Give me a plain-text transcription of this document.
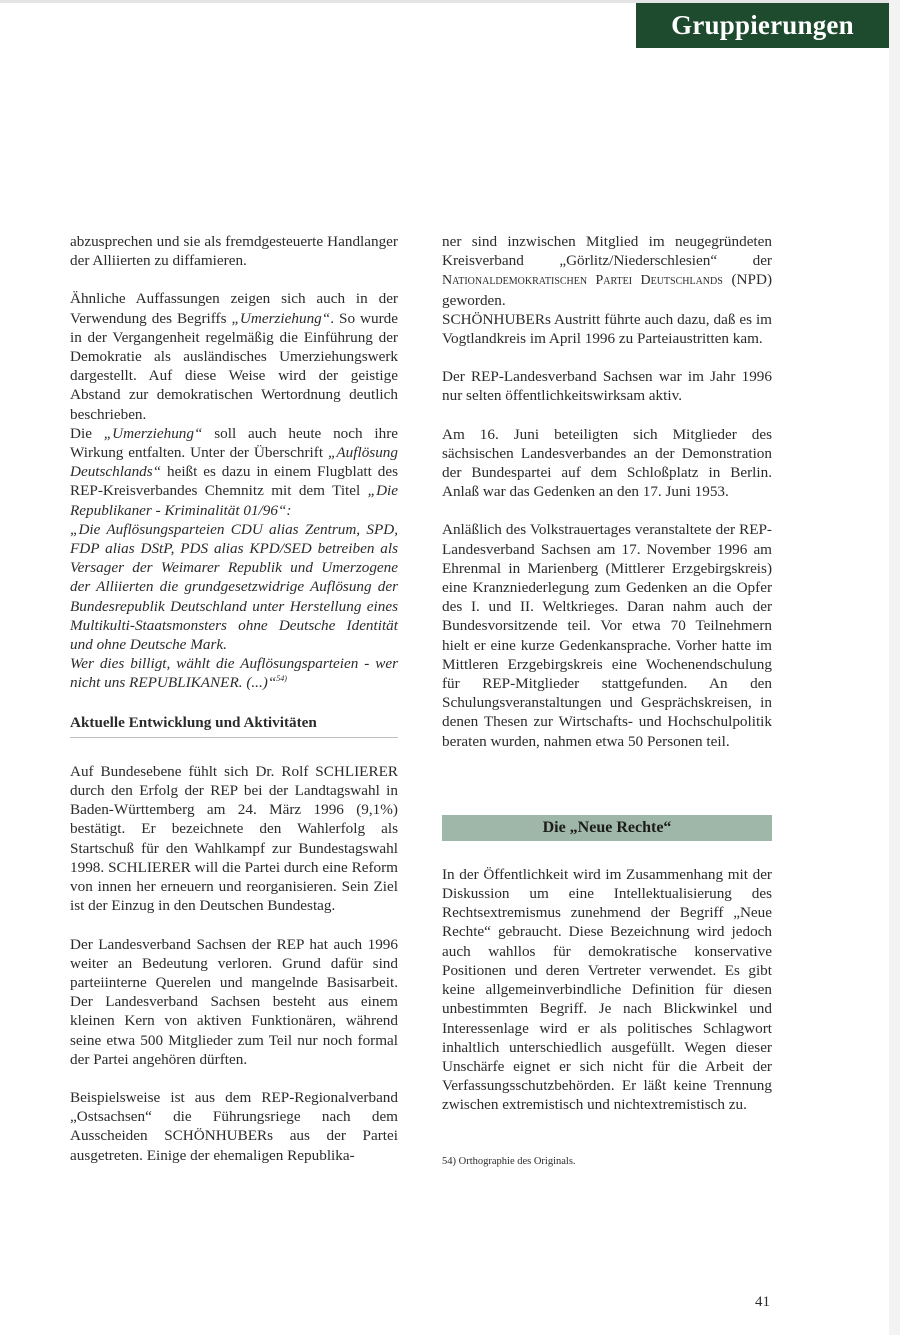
Gruppierungen

abzusprechen und sie als fremdgesteuerte Handlanger der Alliierten zu diffamieren.

Ähnliche Auffassungen zeigen sich auch in der Verwendung des Begriffs „Umerziehung“. So wurde in der Vergangenheit regelmäßig die Einführung der Demokratie als ausländisches Umerziehungswerk dargestellt. Auf diese Weise wird der geistige Abstand zur demokratischen Wertordnung deutlich beschrieben.

Die „Umerziehung“ soll auch heute noch ihre Wirkung entfalten. Unter der Überschrift „Auflösung Deutschlands“ heißt es dazu in einem Flugblatt des REP-Kreisverbandes Chemnitz mit dem Titel „Die Republikaner - Kriminalität 01/96“:

„Die Auflösungsparteien CDU alias Zentrum, SPD, FDP alias DStP, PDS alias KPD/SED betreiben als Versager der Weimarer Republik und Umerzogene der Alliierten die grundgesetzwidrige Auflösung der Bundesrepublik Deutschland unter Herstellung eines Multikulti-Staatsmonsters ohne Deutsche Identität und ohne Deutsche Mark.

Wer dies billigt, wählt die Auflösungsparteien - wer nicht uns REPUBLIKANER. (...)“$^{54)}$

Aktuelle Entwicklung und Aktivitäten

Auf Bundesebene fühlt sich Dr. Rolf SCHLIERER durch den Erfolg der REP bei der Landtagswahl in Baden-Württemberg am 24. März 1996 (9,1%) bestätigt. Er bezeichnete den Wahlerfolg als Startschuß für den Wahlkampf zur Bundestagswahl 1998. SCHLIERER will die Partei durch eine Reform von innen her erneuern und reorganisieren. Sein Ziel ist der Einzug in den Deutschen Bundestag.

Der Landesverband Sachsen der REP hat auch 1996 weiter an Bedeutung verloren. Grund dafür sind parteiinterne Querelen und mangelnde Basisarbeit. Der Landesverband Sachsen besteht aus einem kleinen Kern von aktiven Funktionären, während seine etwa 500 Mitglieder zum Teil nur noch formal der Partei angehören dürften.

Beispielsweise ist aus dem REP-Regionalverband „Ostsachsen“ die Führungsriege nach dem Ausscheiden SCHÖNHUBERs aus der Partei ausgetreten. Einige der ehemaligen Republika-

ner sind inzwischen Mitglied im neugegründeten Kreisverband „Görlitz/Niederschlesien“ der Nationaldemokratischen Partei Deutschlands (NPD) geworden.

SCHÖNHUBERs Austritt führte auch dazu, daß es im Vogtlandkreis im April 1996 zu Parteiaustritten kam.

Der REP-Landesverband Sachsen war im Jahr 1996 nur selten öffentlichkeitswirksam aktiv.

Am 16. Juni beteiligten sich Mitglieder des sächsischen Landesverbandes an der Demonstration der Bundespartei auf dem Schloßplatz in Berlin. Anlaß war das Gedenken an den 17. Juni 1953.

Anläßlich des Volkstrauertages veranstaltete der REP-Landesverband Sachsen am 17. November 1996 am Ehrenmal in Marienberg (Mittlerer Erzgebirgskreis) eine Kranzniederlegung zum Gedenken an die Opfer des I. und II. Weltkrieges. Daran nahm auch der Bundesvorsitzende teil. Vor etwa 70 Teilnehmern hielt er eine kurze Gedenkansprache. Vorher hatte im Mittleren Erzgebirgskreis eine Wochenendschulung für REP-Mitglieder stattgefunden. An den Schulungsveranstaltungen und Gesprächskreisen, in denen Thesen zur Wirtschafts- und Hochschulpolitik beraten wurden, nahmen etwa 50 Personen teil.

Die „Neue Rechte“

In der Öffentlichkeit wird im Zusammenhang mit der Diskussion um eine Intellektualisierung des Rechtsextremismus zunehmend der Begriff „Neue Rechte“ gebraucht. Diese Bezeichnung wird jedoch auch wahllos für demokratische konservative Positionen und deren Vertreter verwendet. Es gibt keine allgemeinverbindliche Definition für diesen unbestimmten Begriff. Je nach Blickwinkel und Interessenlage wird er als politisches Schlagwort inhaltlich unterschiedlich ausgefüllt. Wegen dieser Unschärfe eignet er sich nicht für die Arbeit der Verfassungsschutzbehörden. Er läßt keine Trennung zwischen extremistisch und nichtextremistisch zu.

54) Orthographie des Originals.
41
